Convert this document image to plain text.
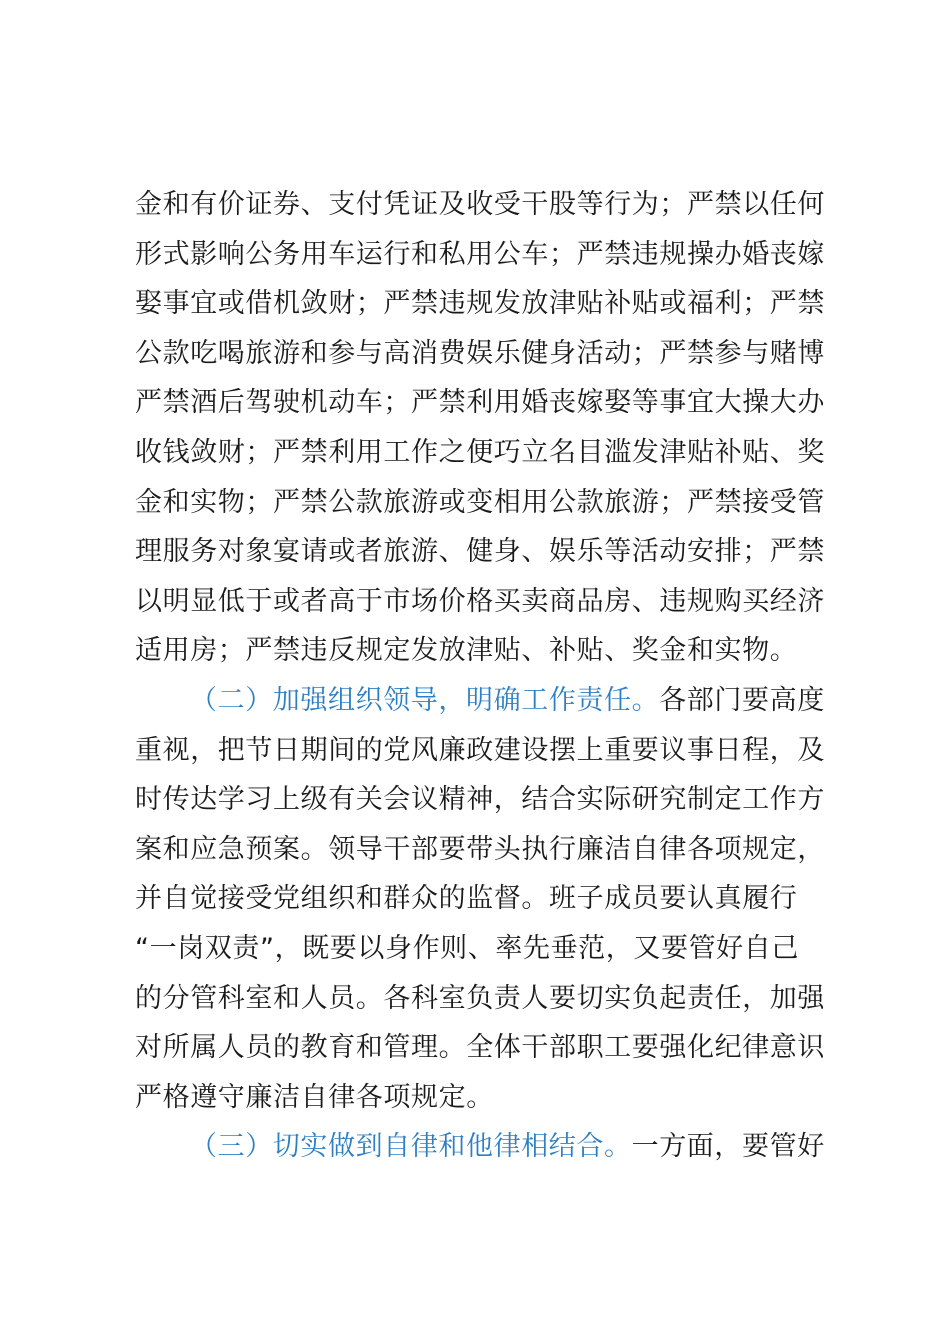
金和有价证券、支付凭证及收受干股等行为；严禁以任何
形式影响公务用车运行和私用公车；严禁违规操办婚丧嫁
娶事宜或借机敛财；严禁违规发放津贴补贴或福利；严禁
公款吃喝旅游和参与高消费娱乐健身活动；严禁参与赌博
严禁酒后驾驶机动车；严禁利用婚丧嫁娶等事宜大操大办
收钱敛财；严禁利用工作之便巧立名目滥发津贴补贴、奖
金和实物；严禁公款旅游或变相用公款旅游；严禁接受管
理服务对象宴请或者旅游、健身、娱乐等活动安排；严禁
以明显低于或者高于市场价格买卖商品房、违规购买经济
适用房；严禁违反规定发放津贴、补贴、奖金和实物。
（二）加强组织领导，明确工作责任。各部门要高度
重视，把节日期间的党风廉政建设摆上重要议事日程，及
时传达学习上级有关会议精神，结合实际研究制定工作方
案和应急预案。领导干部要带头执行廉洁自律各项规定，
并自觉接受党组织和群众的监督。班子成员要认真履行
“一岗双责”，既要以身作则、率先垂范，又要管好自己
的分管科室和人员。各科室负责人要切实负起责任，加强
对所属人员的教育和管理。全体干部职工要强化纪律意识
严格遵守廉洁自律各项规定。
（三）切实做到自律和他律相结合。一方面，要管好
